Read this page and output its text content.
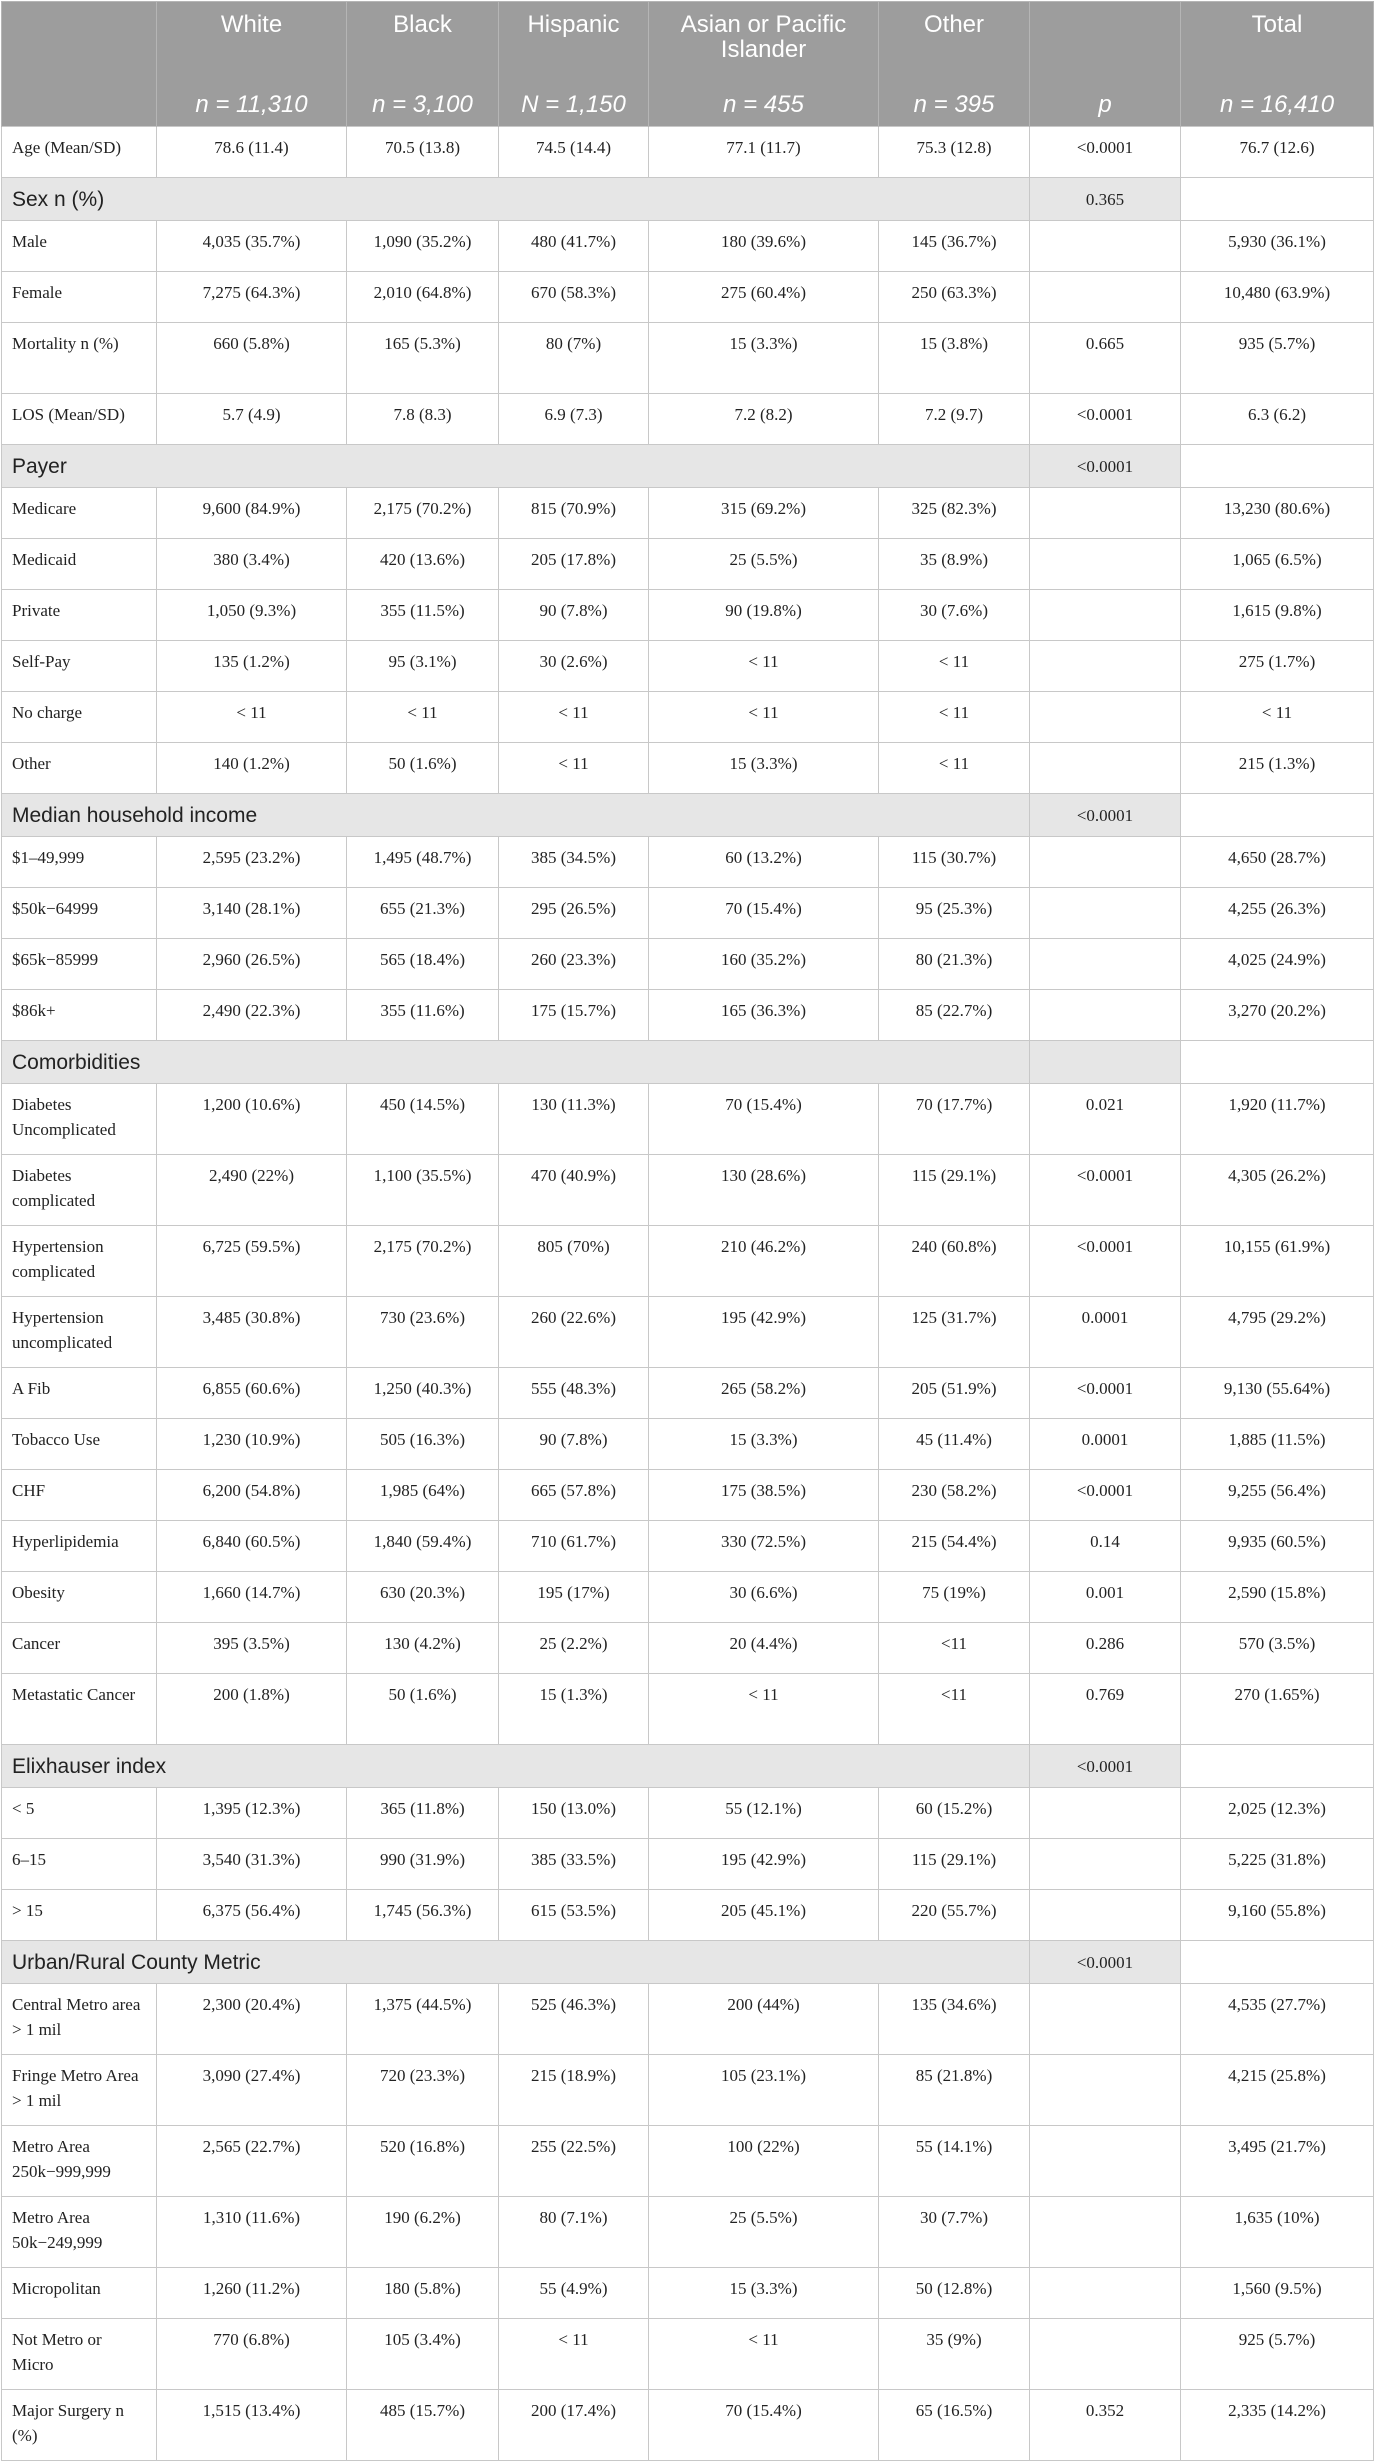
	White	Black	Hispanic	Asian or Pacific Islander	Other		Total
	n = 11,310	n = 3,100	N = 1,150	n = 455	n = 395	p	n = 16,410
Age (Mean/SD)	78.6 (11.4)	70.5 (13.8)	74.5 (14.4)	77.1 (11.7)	75.3 (12.8)	<0.0001	76.7 (12.6)
Sex n (%)						0.365	
Male	4,035 (35.7%)	1,090 (35.2%)	480 (41.7%)	180 (39.6%)	145 (36.7%)		5,930 (36.1%)
Female	7,275 (64.3%)	2,010 (64.8%)	670 (58.3%)	275 (60.4%)	250 (63.3%)		10,480 (63.9%)
Mortality n (%)	660 (5.8%)	165 (5.3%)	80 (7%)	15 (3.3%)	15 (3.8%)	0.665	935 (5.7%)
LOS (Mean/SD)	5.7 (4.9)	7.8 (8.3)	6.9 (7.3)	7.2 (8.2)	7.2 (9.7)	<0.0001	6.3 (6.2)
Payer						<0.0001	
Medicare	9,600 (84.9%)	2,175 (70.2%)	815 (70.9%)	315 (69.2%)	325 (82.3%)		13,230 (80.6%)
Medicaid	380 (3.4%)	420 (13.6%)	205 (17.8%)	25 (5.5%)	35 (8.9%)		1,065 (6.5%)
Private	1,050 (9.3%)	355 (11.5%)	90 (7.8%)	90 (19.8%)	30 (7.6%)		1,615 (9.8%)
Self-Pay	135 (1.2%)	95 (3.1%)	30 (2.6%)	< 11	< 11		275 (1.7%)
No charge	< 11	< 11	< 11	< 11	< 11		< 11
Other	140 (1.2%)	50 (1.6%)	< 11	15 (3.3%)	< 11		215 (1.3%)
Median household income						<0.0001	
$1–49,999	2,595 (23.2%)	1,495 (48.7%)	385 (34.5%)	60 (13.2%)	115 (30.7%)		4,650 (28.7%)
$50k−64999	3,140 (28.1%)	655 (21.3%)	295 (26.5%)	70 (15.4%)	95 (25.3%)		4,255 (26.3%)
$65k−85999	2,960 (26.5%)	565 (18.4%)	260 (23.3%)	160 (35.2%)	80 (21.3%)		4,025 (24.9%)
$86k+	2,490 (22.3%)	355 (11.6%)	175 (15.7%)	165 (36.3%)	85 (22.7%)		3,270 (20.2%)
Comorbidities							
Diabetes Uncomplicated	1,200 (10.6%)	450 (14.5%)	130 (11.3%)	70 (15.4%)	70 (17.7%)	0.021	1,920 (11.7%)
Diabetes complicated	2,490 (22%)	1,100 (35.5%)	470 (40.9%)	130 (28.6%)	115 (29.1%)	<0.0001	4,305 (26.2%)
Hypertension complicated	6,725 (59.5%)	2,175 (70.2%)	805 (70%)	210 (46.2%)	240 (60.8%)	<0.0001	10,155 (61.9%)
Hypertension uncomplicated	3,485 (30.8%)	730 (23.6%)	260 (22.6%)	195 (42.9%)	125 (31.7%)	0.0001	4,795 (29.2%)
A Fib	6,855 (60.6%)	1,250 (40.3%)	555 (48.3%)	265 (58.2%)	205 (51.9%)	<0.0001	9,130 (55.64%)
Tobacco Use	1,230 (10.9%)	505 (16.3%)	90 (7.8%)	15 (3.3%)	45 (11.4%)	0.0001	1,885 (11.5%)
CHF	6,200 (54.8%)	1,985 (64%)	665 (57.8%)	175 (38.5%)	230 (58.2%)	<0.0001	9,255 (56.4%)
Hyperlipidemia	6,840 (60.5%)	1,840 (59.4%)	710 (61.7%)	330 (72.5%)	215 (54.4%)	0.14	9,935 (60.5%)
Obesity	1,660 (14.7%)	630 (20.3%)	195 (17%)	30 (6.6%)	75 (19%)	0.001	2,590 (15.8%)
Cancer	395 (3.5%)	130 (4.2%)	25 (2.2%)	20 (4.4%)	<11	0.286	570 (3.5%)
Metastatic Cancer	200 (1.8%)	50 (1.6%)	15 (1.3%)	< 11	<11	0.769	270 (1.65%)
Elixhauser index						<0.0001	
< 5	1,395 (12.3%)	365 (11.8%)	150 (13.0%)	55 (12.1%)	60 (15.2%)		2,025 (12.3%)
6–15	3,540 (31.3%)	990 (31.9%)	385 (33.5%)	195 (42.9%)	115 (29.1%)		5,225 (31.8%)
> 15	6,375 (56.4%)	1,745 (56.3%)	615 (53.5%)	205 (45.1%)	220 (55.7%)		9,160 (55.8%)
Urban/Rural County Metric						<0.0001	
Central Metro area > 1 mil	2,300 (20.4%)	1,375 (44.5%)	525 (46.3%)	200 (44%)	135 (34.6%)		4,535 (27.7%)
Fringe Metro Area > 1 mil	3,090 (27.4%)	720 (23.3%)	215 (18.9%)	105 (23.1%)	85 (21.8%)		4,215 (25.8%)
Metro Area 250k−999,999	2,565 (22.7%)	520 (16.8%)	255 (22.5%)	100 (22%)	55 (14.1%)		3,495 (21.7%)
Metro Area 50k−249,999	1,310 (11.6%)	190 (6.2%)	80 (7.1%)	25 (5.5%)	30 (7.7%)		1,635 (10%)
Micropolitan	1,260 (11.2%)	180 (5.8%)	55 (4.9%)	15 (3.3%)	50 (12.8%)		1,560 (9.5%)
Not Metro or Micro	770 (6.8%)	105 (3.4%)	< 11	< 11	35 (9%)		925 (5.7%)
Major Surgery n (%)	1,515 (13.4%)	485 (15.7%)	200 (17.4%)	70 (15.4%)	65 (16.5%)	0.352	2,335 (14.2%)
